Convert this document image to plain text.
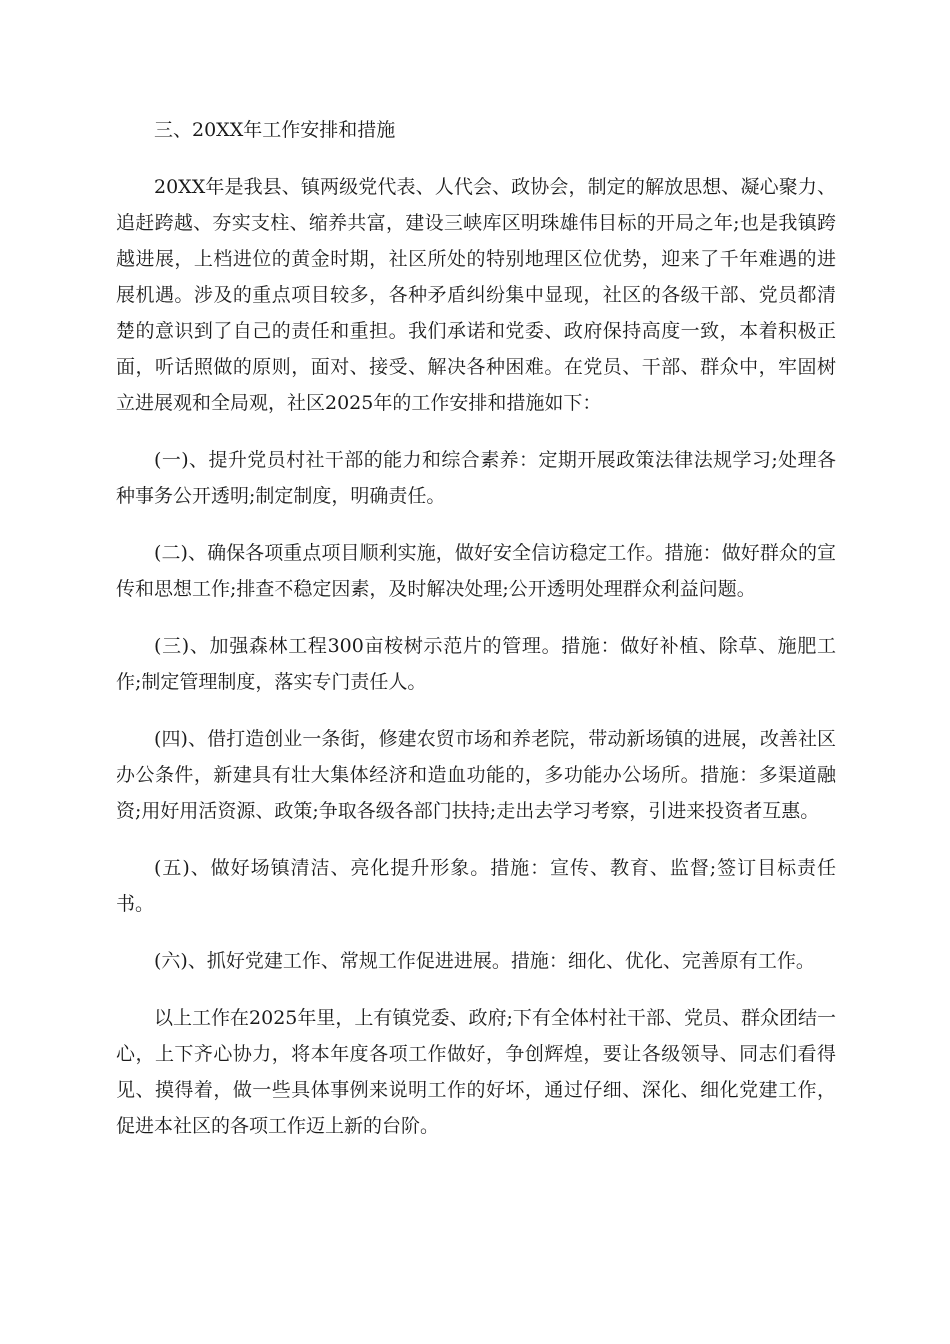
三、20XX年工作安排和措施

20XX年是我县、镇两级党代表、人代会、政协会，制定的解放思想、凝心聚力、追赶跨越、夯实支柱、缩养共富，建设三峡库区明珠雄伟目标的开局之年;也是我镇跨越进展，上档进位的黄金时期，社区所处的特别地理区位优势，迎来了千年难遇的进展机遇。涉及的重点项目较多，各种矛盾纠纷集中显现，社区的各级干部、党员都清楚的意识到了自己的责任和重担。我们承诺和党委、政府保持高度一致，本着积极正面，听话照做的原则，面对、接受、解决各种困难。在党员、干部、群众中，牢固树立进展观和全局观，社区2025年的工作安排和措施如下：

(一)、提升党员村社干部的能力和综合素养：定期开展政策法律法规学习;处理各种事务公开透明;制定制度，明确责任。

(二)、确保各项重点项目顺利实施，做好安全信访稳定工作。措施：做好群众的宣传和思想工作;排查不稳定因素，及时解决处理;公开透明处理群众利益问题。

(三)、加强森林工程300亩桉树示范片的管理。措施：做好补植、除草、施肥工作;制定管理制度，落实专门责任人。

(四)、借打造创业一条街，修建农贸市场和养老院，带动新场镇的进展，改善社区办公条件，新建具有壮大集体经济和造血功能的，多功能办公场所。措施：多渠道融资;用好用活资源、政策;争取各级各部门扶持;走出去学习考察，引进来投资者互惠。

(五)、做好场镇清洁、亮化提升形象。措施：宣传、教育、监督;签订目标责任书。

(六)、抓好党建工作、常规工作促进进展。措施：细化、优化、完善原有工作。

以上工作在2025年里，上有镇党委、政府;下有全体村社干部、党员、群众团结一心，上下齐心协力，将本年度各项工作做好，争创辉煌，要让各级领导、同志们看得见、摸得着，做一些具体事例来说明工作的好坏，通过仔细、深化、细化党建工作，促进本社区的各项工作迈上新的台阶。
